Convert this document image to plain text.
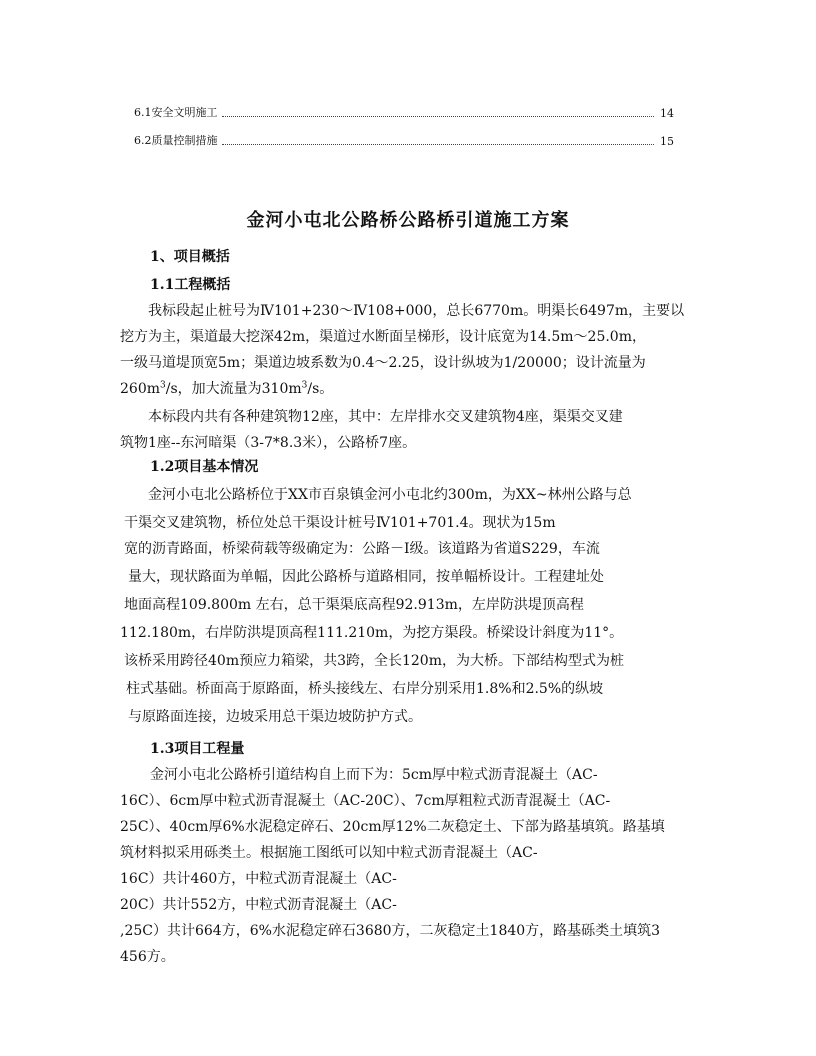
6.1安全文明施工	14
6.2质量控制措施	15
金河小屯北公路桥公路桥引道施工方案
1、项目概括
1.1工程概括
我标段起止桩号为Ⅳ101+230～Ⅳ108+000，总长6770m。明渠长6497m，主要以
挖方为主，渠道最大挖深42m，渠道过水断面呈梯形，设计底宽为14.5m～25.0m，
一级马道堤顶宽5m；渠道边坡系数为0.4～2.25，设计纵坡为1/20000；设计流量为
$260m^3/s$，加大流量为$310m^3/s$。
本标段内共有各种建筑物12座，其中：左岸排水交叉建筑物4座，渠渠交叉建
筑物1座--东河暗渠（3-7*8.3米），公路桥7座。
1.2项目基本情况
金河小屯北公路桥位于XX市百泉镇金河小屯北约300m，为XX~林州公路与总
干渠交叉建筑物，桥位处总干渠设计桩号Ⅳ101+701.4。现状为15m
宽的沥青路面，桥梁荷载等级确定为：公路－Ⅰ级。该道路为省道S229，车流
量大，现状路面为单幅，因此公路桥与道路相同，按单幅桥设计。工程建址处
地面高程109.800m 左右，总干渠渠底高程92.913m，左岸防洪堤顶高程
112.180m，右岸防洪堤顶高程111.210m，为挖方渠段。桥梁设计斜度为11°。
该桥采用跨径40m预应力箱梁，共3跨，全长120m，为大桥。下部结构型式为桩
柱式基础。桥面高于原路面，桥头接线左、右岸分别采用1.8%和2.5%的纵坡
与原路面连接，边坡采用总干渠边坡防护方式。
1.3项目工程量
金河小屯北公路桥引道结构自上而下为：5cm厚中粒式沥青混凝土（AC-
16C）、6cm厚中粒式沥青混凝土（AC-20C）、7cm厚粗粒式沥青混凝土（AC-
25C）、40cm厚6%水泥稳定碎石、20cm厚12%二灰稳定土、下部为路基填筑。路基填
筑材料拟采用砾类土。根据施工图纸可以知中粒式沥青混凝土（AC-
16C）共计460方，中粒式沥青混凝土（AC-
20C）共计552方，中粒式沥青混凝土（AC-
,25C）共计664方，6%水泥稳定碎石3680方，二灰稳定土1840方，路基砾类土填筑3
456方。
